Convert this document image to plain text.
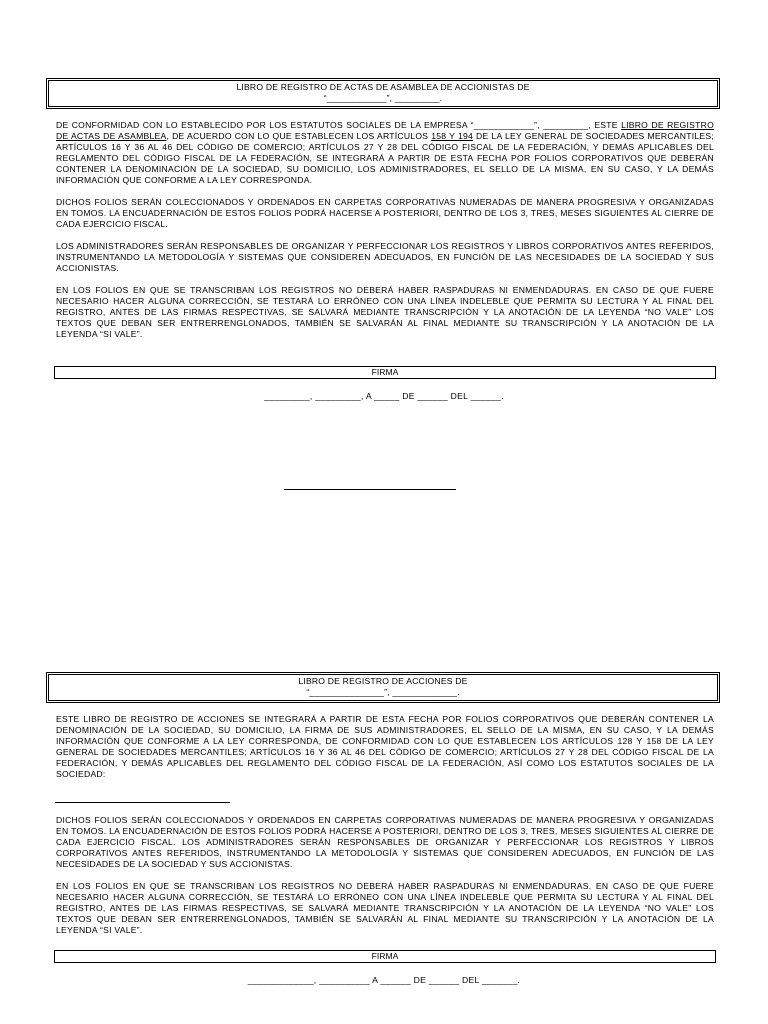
LIBRO DE REGISTRO DE ACTAS DE ASAMBLEA DE ACCIONISTAS DE
“____________”, _________.

DE CONFORMIDAD CON LO ESTABLECIDO POR LOS ESTATUTOS SOCIALES DE LA EMPRESA “____________”, _________, ESTE LIBRO DE REGISTRO DE ACTAS DE ASAMBLEA, DE ACUERDO CON LO QUE ESTABLECEN LOS ARTÍCULOS 158 Y 194 DE LA LEY GENERAL DE SOCIEDADES MERCANTILES; ARTÍCULOS 16 Y 36 AL 46 DEL CÓDIGO DE COMERCIO; ARTÍCULOS 27 Y 28 DEL CÓDIGO FISCAL DE LA FEDERACIÓN, Y DEMÁS APLICABLES DEL REGLAMENTO DEL CÓDIGO FISCAL DE LA FEDERACIÓN, SE INTEGRARÁ A PARTIR DE ESTA FECHA POR FOLIOS CORPORATIVOS QUE DEBERÁN CONTENER LA DENOMINACIÓN DE LA SOCIEDAD, SU DOMICILIO, LOS ADMINISTRADORES, EL SELLO DE LA MISMA, EN SU CASO, Y LA DEMÁS INFORMACIÓN QUE CONFORME A LA LEY CORRESPONDA.

DICHOS FOLIOS SERÁN COLECCIONADOS Y ORDENADOS EN CARPETAS CORPORATIVAS NUMERADAS DE MANERA PROGRESIVA Y ORGANIZADAS EN TOMOS. LA ENCUADERNACIÓN DE ESTOS FOLIOS PODRÁ HACERSE A POSTERIORI, DENTRO DE LOS 3, TRES, MESES SIGUIENTES AL CIERRE DE CADA EJERCICIO FISCAL.

LOS ADMINISTRADORES SERÁN RESPONSABLES DE ORGANIZAR Y PERFECCIONAR LOS REGISTROS Y LIBROS CORPORATIVOS ANTES REFERIDOS, INSTRUMENTANDO LA METODOLOGÍA Y SISTEMAS QUE CONSIDEREN ADECUADOS, EN FUNCIÓN DE LAS NECESIDADES DE LA SOCIEDAD Y SUS ACCIONISTAS.

EN LOS FOLIOS EN QUE SE TRANSCRIBAN LOS REGISTROS NO DEBERÁ HABER RASPADURAS NI ENMENDADURAS. EN CASO DE QUE FUERE NECESARIO HACER ALGUNA CORRECCIÓN, SE TESTARÁ LO ERRÓNEO CON UNA LÍNEA INDELEBLE QUE PERMITA SU LECTURA Y AL FINAL DEL REGISTRO, ANTES DE LAS FIRMAS RESPECTIVAS, SE SALVARÁ MEDIANTE TRANSCRIPCIÓN Y LA ANOTACIÓN DE LA LEYENDA “NO VALE” LOS TEXTOS QUE DEBAN SER ENTRERRENGLONADOS, TAMBIÉN SE SALVARÁN AL FINAL MEDIANTE SU TRANSCRIPCIÓN Y LA ANOTACIÓN DE LA LEYENDA “SI VALE”.

FIRMA
_________, _________, A _____ DE ______ DEL ______.
LIBRO DE REGISTRO DE ACCIONES DE
“_______________”, _____________.

ESTE LIBRO DE REGISTRO DE ACCIONES SE INTEGRARÁ A PARTIR DE ESTA FECHA POR FOLIOS CORPORATIVOS QUE DEBERÁN CONTENER LA DENOMINACIÓN DE LA SOCIEDAD, SU DOMICILIO, LA FIRMA DE SUS ADMINISTRADORES, EL SELLO DE LA MISMA, EN SU CASO, Y LA DEMÁS INFORMACIÓN QUE CONFORME A LA LEY CORRESPONDA, DE CONFORMIDAD CON LO QUE ESTABLECEN LOS ARTÍCULOS 128 Y 158 DE LA LEY GENERAL DE SOCIEDADES MERCANTILES; ARTÍCULOS 16 Y 36 AL 46 DEL CÓDIGO DE COMERCIO; ARTÍCULOS 27 Y 28 DEL CÓDIGO FISCAL DE LA FEDERACIÓN, Y DEMÁS APLICABLES DEL REGLAMENTO DEL CÓDIGO FISCAL DE LA FEDERACIÓN, ASÍ COMO LOS ESTATUTOS SOCIALES DE LA SOCIEDAD:

DICHOS FOLIOS SERÁN COLECCIONADOS Y ORDENADOS EN CARPETAS CORPORATIVAS NUMERADAS DE MANERA PROGRESIVA Y ORGANIZADAS EN TOMOS. LA ENCUADERNACIÓN DE ESTOS FOLIOS PODRÁ HACERSE A POSTERIORI, DENTRO DE LOS 3, TRES, MESES SIGUIENTES AL CIERRE DE CADA EJERCICIO FISCAL. LOS ADMINISTRADORES SERÁN RESPONSABLES DE ORGANIZAR Y PERFECCIONAR LOS REGISTROS Y LIBROS CORPORATIVOS ANTES REFERIDOS, INSTRUMENTANDO LA METODOLOGÍA Y SISTEMAS QUE CONSIDEREN ADECUADOS, EN FUNCIÓN DE LAS NECESIDADES DE LA SOCIEDAD Y SUS ACCIONISTAS.

EN LOS FOLIOS EN QUE SE TRANSCRIBAN LOS REGISTROS NO DEBERÁ HABER RASPADURAS NI ENMENDADURAS. EN CASO DE QUE FUERE NECESARIO HACER ALGUNA CORRECCIÓN, SE TESTARÁ LO ERRÓNEO CON UNA LÍNEA INDELEBLE QUE PERMITA SU LECTURA Y AL FINAL DEL REGISTRO, ANTES DE LAS FIRMAS RESPECTIVAS, SE SALVARÁ MEDIANTE TRANSCRIPCIÓN Y LA ANOTACIÓN DE LA LEYENDA “NO VALE” LOS TEXTOS QUE DEBAN SER ENTRERRENGLONADOS, TAMBIÉN SE SALVARÁN AL FINAL MEDIANTE SU TRANSCRIPCIÓN Y LA ANOTACIÓN DE LA LEYENDA “SI VALE”.

FIRMA
_____________, __________ A ______ DE ______ DEL _______.
